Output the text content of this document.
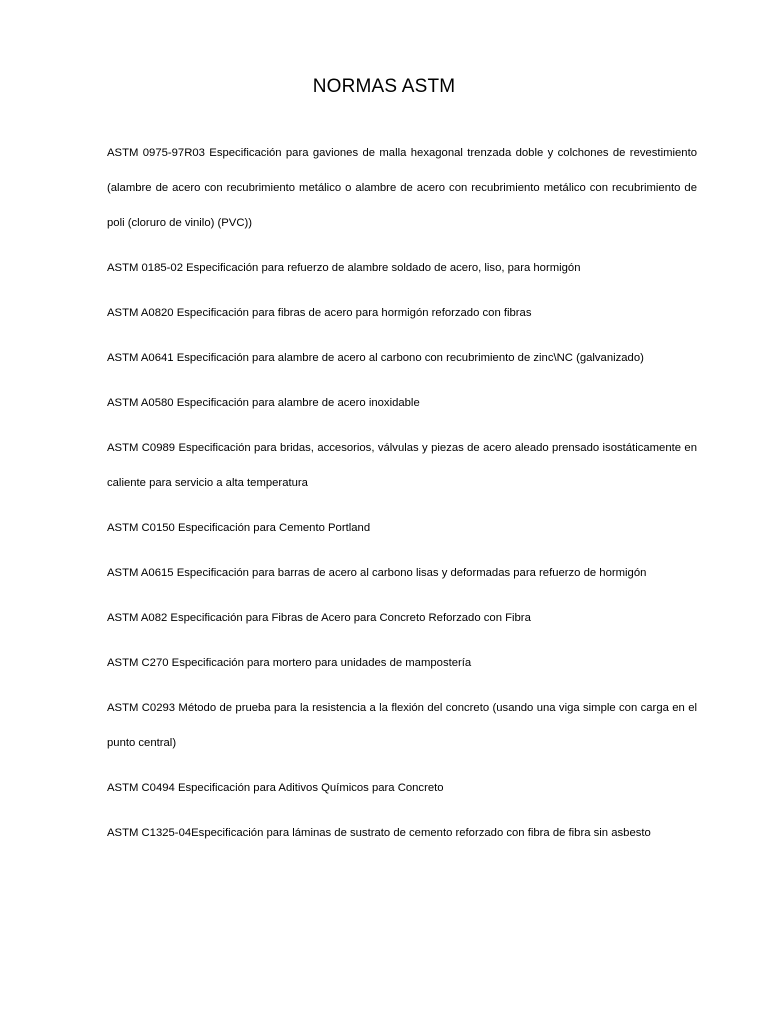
NORMAS ASTM

ASTM 0975-97R03 Especificación para gaviones de malla hexagonal trenzada doble y colchones de revestimiento (alambre de acero con recubrimiento metálico o alambre de acero con recubrimiento metálico con recubrimiento de poli (cloruro de vinilo) (PVC))

ASTM 0185-02 Especificación para refuerzo de alambre soldado de acero, liso, para hormigón

ASTM A0820 Especificación para fibras de acero para hormigón reforzado con fibras

ASTM A0641 Especificación para alambre de acero al carbono con recubrimiento de zinc\NC (galvanizado)

ASTM A0580 Especificación para alambre de acero inoxidable

ASTM C0989 Especificación para bridas, accesorios, válvulas y piezas de acero aleado prensado isostáticamente en caliente para servicio a alta temperatura

ASTM C0150 Especificación para Cemento Portland

ASTM A0615 Especificación para barras de acero al carbono lisas y deformadas para refuerzo de hormigón

ASTM A082 Especificación para Fibras de Acero para Concreto Reforzado con Fibra

ASTM C270 Especificación para mortero para unidades de mampostería

ASTM C0293 Método de prueba para la resistencia a la flexión del concreto (usando una viga simple con carga en el punto central)

ASTM C0494 Especificación para Aditivos Químicos para Concreto

ASTM C1325-04Especificación para láminas de sustrato de cemento reforzado con fibra de fibra sin asbesto
